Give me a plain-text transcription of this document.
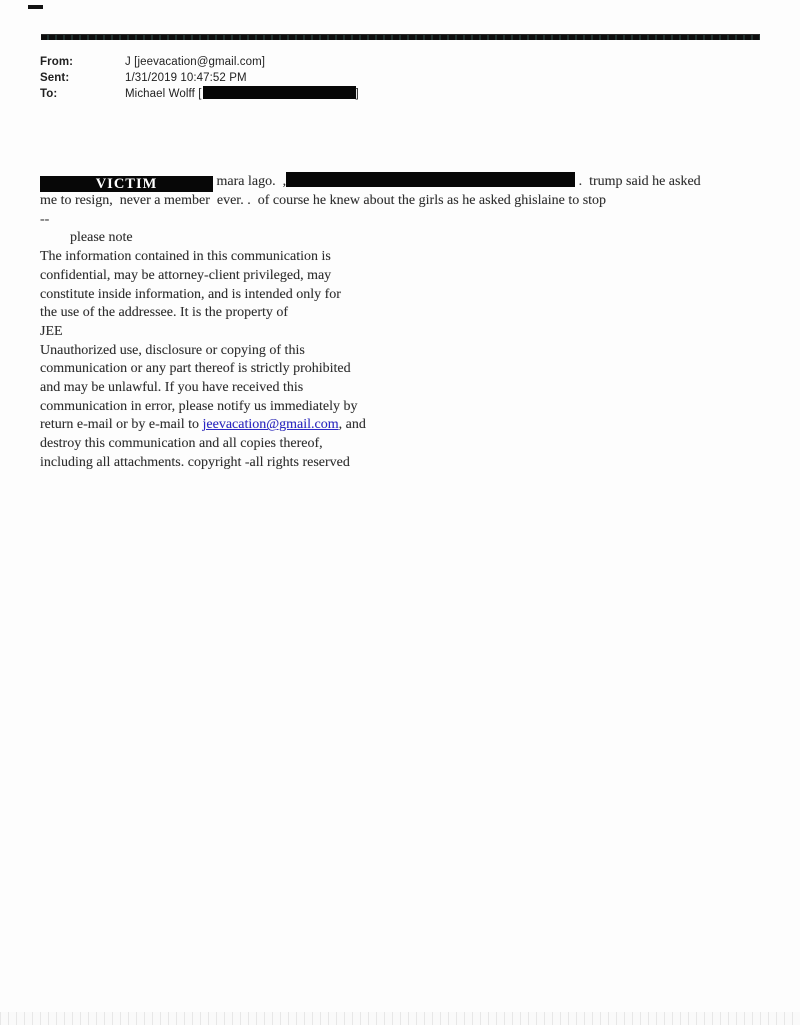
From:	J [jeevacation@gmail.com]
Sent:	1/31/2019 10:47:52 PM
To:	Michael Wolff [	]
VICTIM	mara lago.  ,	.  trump said he asked
me to resign,  never a member  ever. .  of course he knew about the girls as he asked ghislaine to stop
--
please note
The information contained in this communication is
confidential, may be attorney-client privileged, may
constitute inside information, and is intended only for
the use of the addressee. It is the property of
JEE
Unauthorized use, disclosure or copying of this
communication or any part thereof is strictly prohibited
and may be unlawful. If you have received this
communication in error, please notify us immediately by
return e-mail or by e-mail to jeevacation@gmail.com, and
destroy this communication and all copies thereof,
including all attachments. copyright -all rights reserved
